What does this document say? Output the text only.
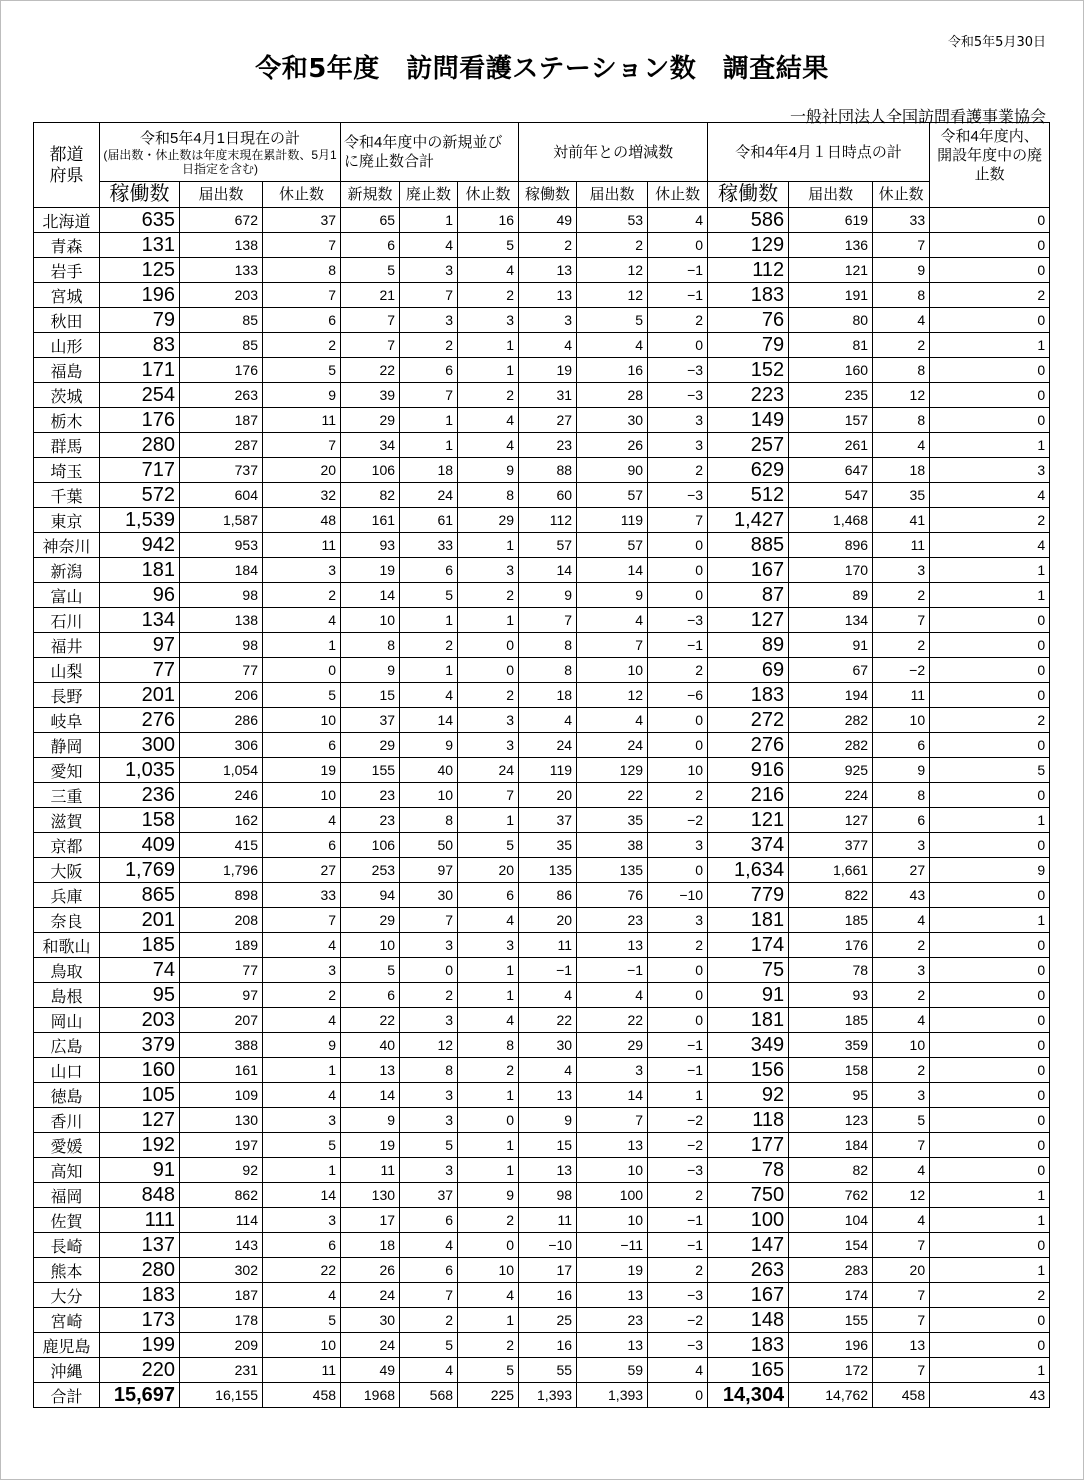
令和5年5月30日
令和5年度　訪問看護ステーション数　調査結果
一般社団法人全国訪問看護事業協会
都道府県	令和5年4月1日現在の計
(届出数・休止数は年度末現在累計数、5月1日指定を含む)			令和4年度中の新規並びに廃止数合計			対前年との増減数			令和4年4月１日時点の計			令和4年度内、開設年度中の廃止数
	稼働数	届出数	休止数	新規数	廃止数	休止数	稼働数	届出数	休止数	稼働数	届出数	休止数	
北海道	635	672	37	65	1	16	49	53	4	586	619	33	0
青森	131	138	7	6	4	5	2	2	0	129	136	7	0
岩手	125	133	8	5	3	4	13	12	−1	112	121	9	0
宮城	196	203	7	21	7	2	13	12	−1	183	191	8	2
秋田	79	85	6	7	3	3	3	5	2	76	80	4	0
山形	83	85	2	7	2	1	4	4	0	79	81	2	1
福島	171	176	5	22	6	1	19	16	−3	152	160	8	0
茨城	254	263	9	39	7	2	31	28	−3	223	235	12	0
栃木	176	187	11	29	1	4	27	30	3	149	157	8	0
群馬	280	287	7	34	1	4	23	26	3	257	261	4	1
埼玉	717	737	20	106	18	9	88	90	2	629	647	18	3
千葉	572	604	32	82	24	8	60	57	−3	512	547	35	4
東京	1,539	1,587	48	161	61	29	112	119	7	1,427	1,468	41	2
神奈川	942	953	11	93	33	1	57	57	0	885	896	11	4
新潟	181	184	3	19	6	3	14	14	0	167	170	3	1
富山	96	98	2	14	5	2	9	9	0	87	89	2	1
石川	134	138	4	10	1	1	7	4	−3	127	134	7	0
福井	97	98	1	8	2	0	8	7	−1	89	91	2	0
山梨	77	77	0	9	1	0	8	10	2	69	67	−2	0
長野	201	206	5	15	4	2	18	12	−6	183	194	11	0
岐阜	276	286	10	37	14	3	4	4	0	272	282	10	2
静岡	300	306	6	29	9	3	24	24	0	276	282	6	0
愛知	1,035	1,054	19	155	40	24	119	129	10	916	925	9	5
三重	236	246	10	23	10	7	20	22	2	216	224	8	0
滋賀	158	162	4	23	8	1	37	35	−2	121	127	6	1
京都	409	415	6	106	50	5	35	38	3	374	377	3	0
大阪	1,769	1,796	27	253	97	20	135	135	0	1,634	1,661	27	9
兵庫	865	898	33	94	30	6	86	76	−10	779	822	43	0
奈良	201	208	7	29	7	4	20	23	3	181	185	4	1
和歌山	185	189	4	10	3	3	11	13	2	174	176	2	0
鳥取	74	77	3	5	0	1	−1	−1	0	75	78	3	0
島根	95	97	2	6	2	1	4	4	0	91	93	2	0
岡山	203	207	4	22	3	4	22	22	0	181	185	4	0
広島	379	388	9	40	12	8	30	29	−1	349	359	10	0
山口	160	161	1	13	8	2	4	3	−1	156	158	2	0
徳島	105	109	4	14	3	1	13	14	1	92	95	3	0
香川	127	130	3	9	3	0	9	7	−2	118	123	5	0
愛媛	192	197	5	19	5	1	15	13	−2	177	184	7	0
高知	91	92	1	11	3	1	13	10	−3	78	82	4	0
福岡	848	862	14	130	37	9	98	100	2	750	762	12	1
佐賀	111	114	3	17	6	2	11	10	−1	100	104	4	1
長崎	137	143	6	18	4	0	−10	−11	−1	147	154	7	0
熊本	280	302	22	26	6	10	17	19	2	263	283	20	1
大分	183	187	4	24	7	4	16	13	−3	167	174	7	2
宮崎	173	178	5	30	2	1	25	23	−2	148	155	7	0
鹿児島	199	209	10	24	5	2	16	13	−3	183	196	13	0
沖縄	220	231	11	49	4	5	55	59	4	165	172	7	1
合計	15,697	16,155	458	1968	568	225	1,393	1,393	0	14,304	14,762	458	43
